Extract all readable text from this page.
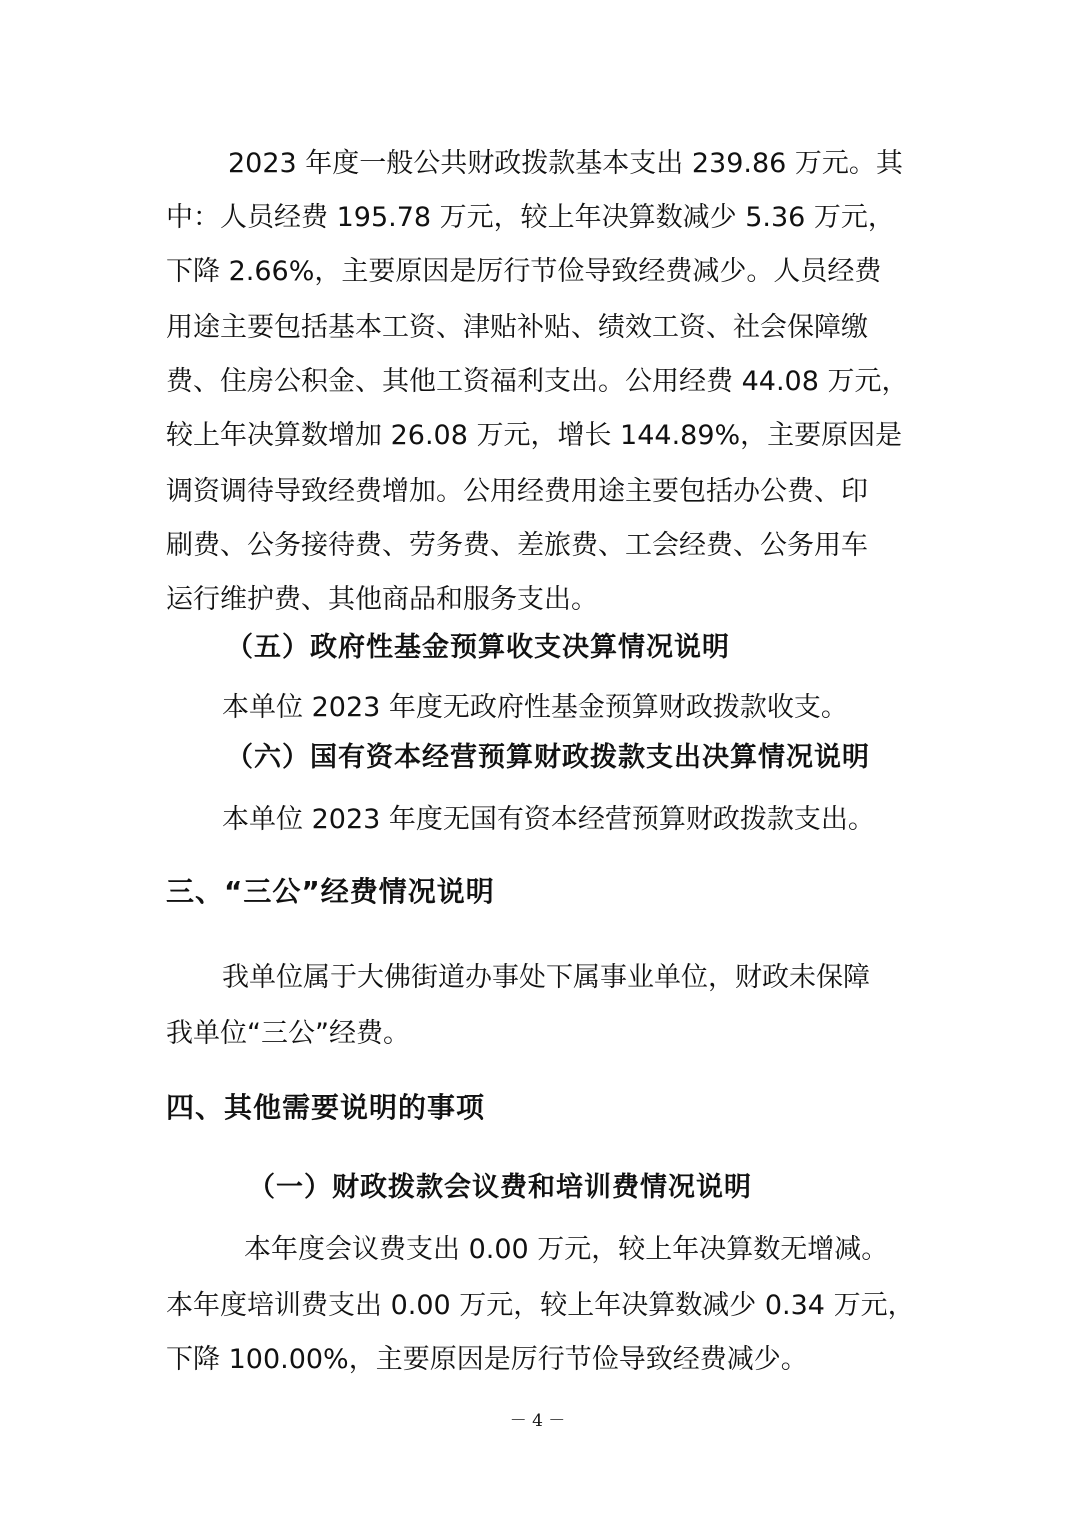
2023 年度一般公共财政拨款基本支出 239.86 万元。其
中：人员经费 195.78 万元，较上年决算数减少 5.36 万元，
下降 2.66%，主要原因是厉行节俭导致经费减少。人员经费
用途主要包括基本工资、津贴补贴、绩效工资、社会保障缴
费、住房公积金、其他工资福利支出。公用经费 44.08 万元，
较上年决算数增加 26.08 万元，增长 144.89%，主要原因是
调资调待导致经费增加。公用经费用途主要包括办公费、印
刷费、公务接待费、劳务费、差旅费、工会经费、公务用车
运行维护费、其他商品和服务支出。
（五）政府性基金预算收支决算情况说明
本单位 2023 年度无政府性基金预算财政拨款收支。
（六）国有资本经营预算财政拨款支出决算情况说明
本单位 2023 年度无国有资本经营预算财政拨款支出。
三、“三公”经费情况说明
我单位属于大佛街道办事处下属事业单位，财政未保障
我单位“三公”经费。
四、其他需要说明的事项
（一）财政拨款会议费和培训费情况说明
本年度会议费支出 0.00 万元，较上年决算数无增减。
本年度培训费支出 0.00 万元，较上年决算数减少 0.34 万元，
下降 100.00%，主要原因是厉行节俭导致经费减少。
－ 4 －
